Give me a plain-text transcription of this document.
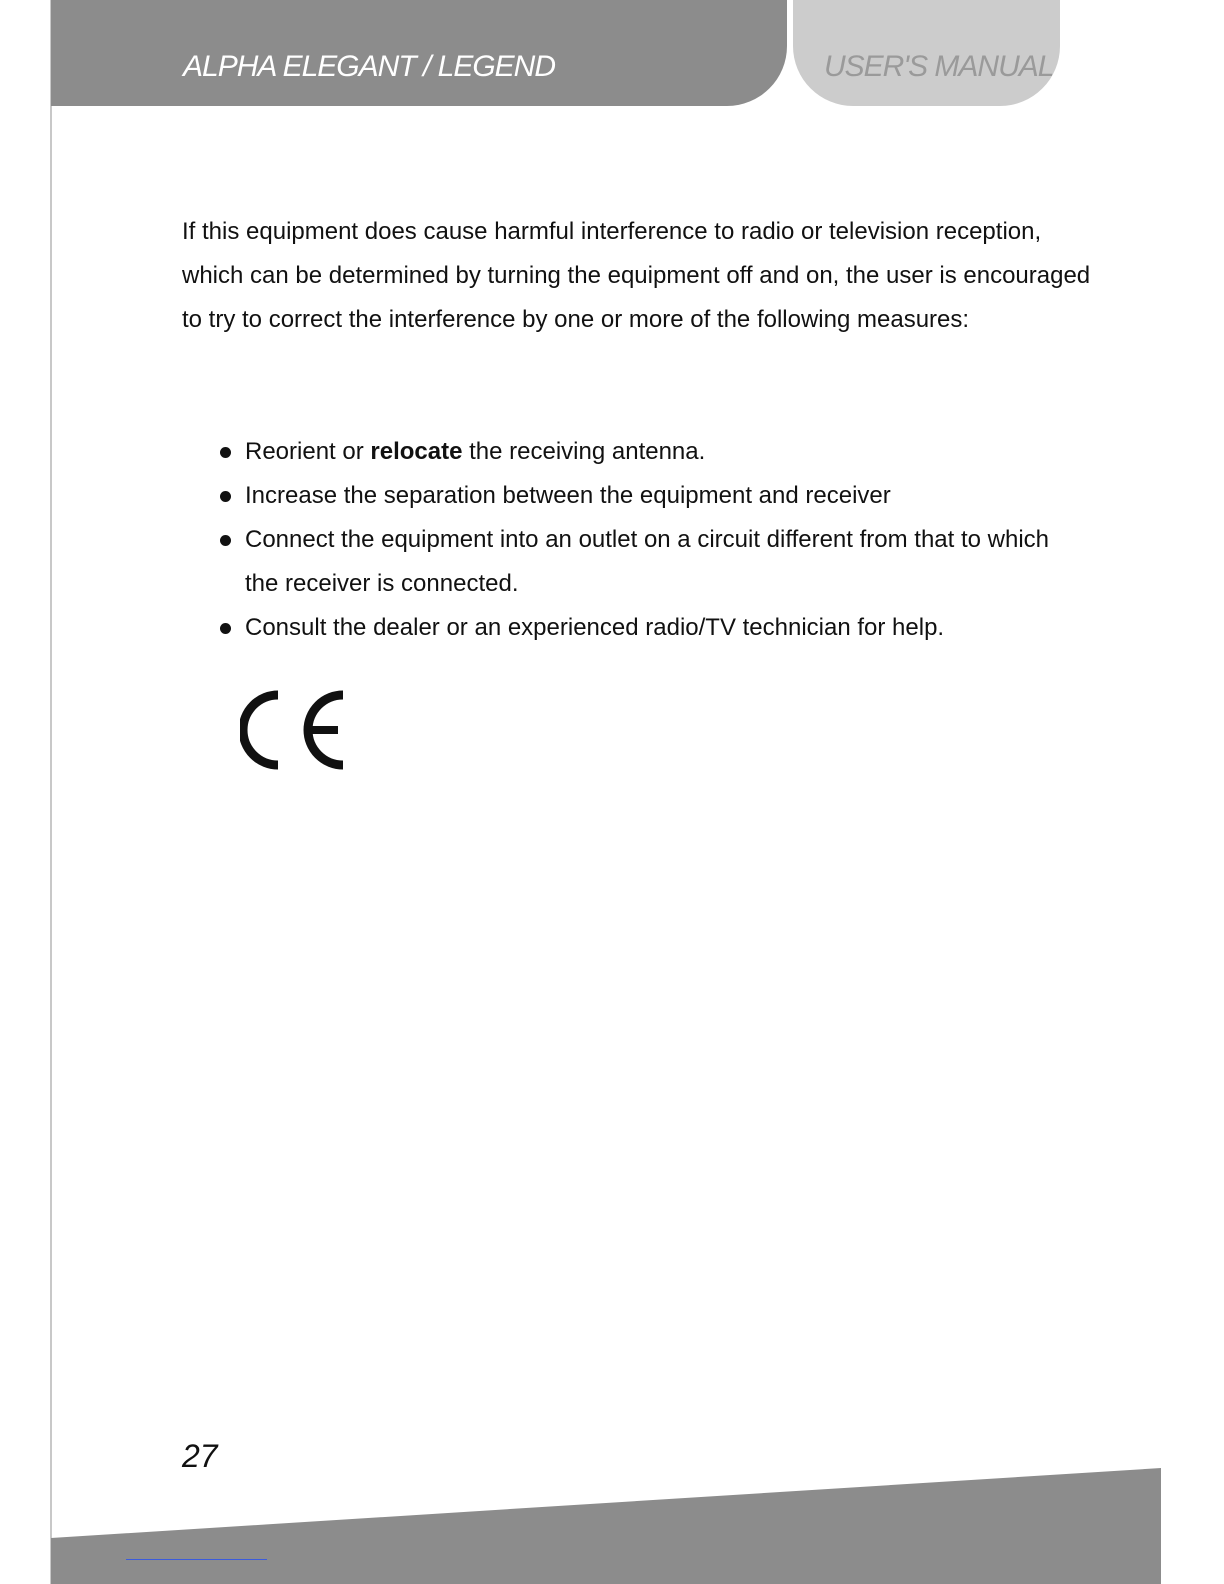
ALPHA ELEGANT / LEGEND	USER'S MANUAL

If this equipment does cause harmful interference to radio or television reception, which can be determined by turning the equipment off and on, the user is encouraged to try to correct the interference by one or more of the following measures:

Reorient or relocate the receiving antenna.
Increase the separation between the equipment and receiver
Connect the equipment into an outlet on a circuit different from that to which the receiver is connected.
Consult the dealer or an experienced radio/TV technician for help.
27
